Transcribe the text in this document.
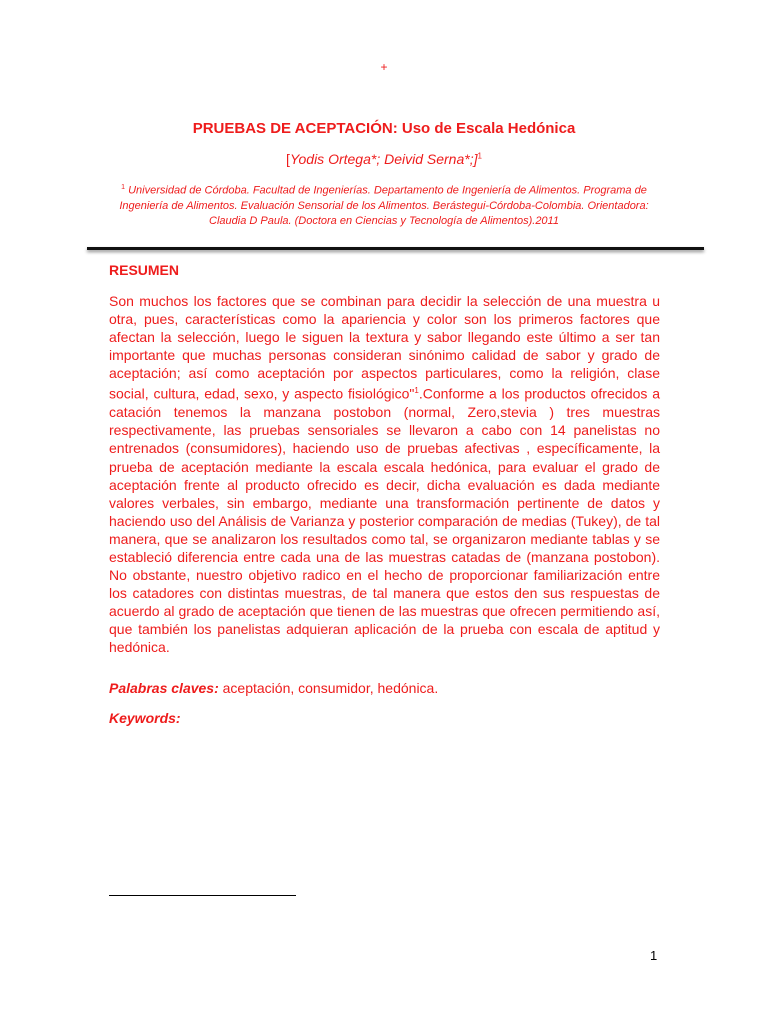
+
PRUEBAS DE ACEPTACIÓN: Uso de Escala Hedónica
[Yodis Ortega*; Deivid Serna*;]$^1$
$^1$ Universidad de Córdoba. Facultad de Ingenierías. Departamento de Ingeniería de Alimentos. Programa de Ingeniería de Alimentos. Evaluación Sensorial de los Alimentos. Berástegui-Córdoba-Colombia. Orientadora: Claudia D Paula. (Doctora en Ciencias y Tecnología de Alimentos).2011
RESUMEN
Son muchos los factores que se combinan para decidir la selección de una muestra u otra, pues, características como la apariencia y color son los primeros factores que afectan la selección, luego le siguen la textura y sabor llegando este último a ser tan importante que muchas personas consideran sinónimo calidad de sabor y grado de aceptación; así como aceptación por aspectos particulares, como la religión, clase social, cultura, edad, sexo, y aspecto fisiológico"$^1$.Conforme a los productos ofrecidos a catación tenemos la manzana postobon (normal, Zero,stevia ) tres muestras respectivamente, las pruebas sensoriales se llevaron a cabo con 14 panelistas no entrenados (consumidores), haciendo uso de pruebas afectivas , específicamente, la prueba de aceptación mediante la escala escala hedónica, para evaluar el grado de aceptación frente al producto ofrecido es decir, dicha evaluación es dada mediante valores verbales, sin embargo, mediante una transformación pertinente de datos y haciendo uso del Análisis de Varianza y posterior comparación de medias (Tukey), de tal manera, que se analizaron los resultados como tal, se organizaron mediante tablas y se estableció diferencia entre cada una de las muestras catadas de (manzana postobon). No obstante, nuestro objetivo radico en el hecho de proporcionar familiarización entre los catadores con distintas muestras, de tal manera que estos den sus respuestas de acuerdo al grado de aceptación que tienen de las muestras que ofrecen permitiendo así, que también los panelistas adquieran aplicación de la prueba con escala de aptitud y hedónica.
Palabras claves: aceptación, consumidor, hedónica.
Keywords:
1
